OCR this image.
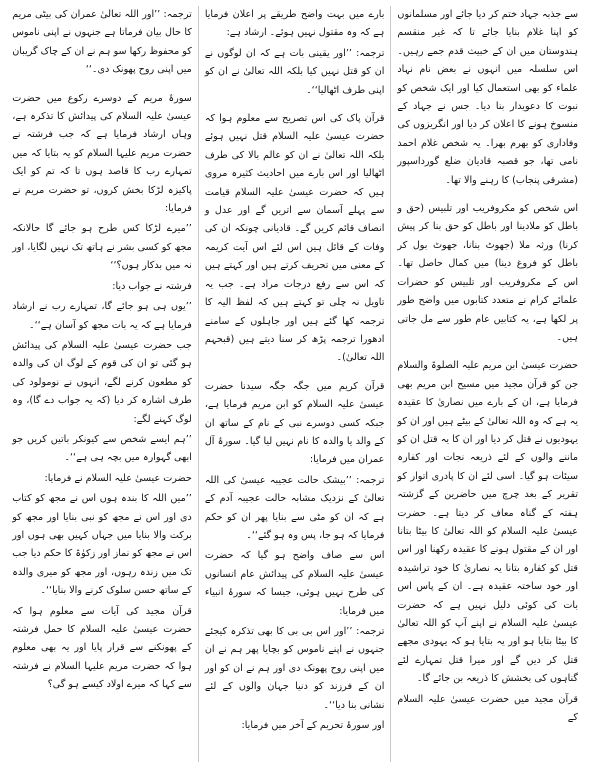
سے جذبہ جہاد ختم کر دیا جائے اور مسلمانوں کو اپنا غلام بنایا جائے تا کہ غیر منقسم ہندوستان میں ان کے خبیث قدم جمے رہیں۔ اس سلسلہ میں انہوں نے بعض نام نہاد علماء کو بھی استعمال کیا اور ایک شخص کو نبوت کا دعویدار بنا دیا۔ جس نے جہاد کے منسوخ ہونے کا اعلان کر دیا اور انگریزوں کی وفاداری کو بھرم بھرا۔ یہ شخص غلام احمد نامی تھا، جو قصبہ قادیان ضلع گورداسپور (مشرقی پنجاب) کا رہنے والا تھا۔

اس شخص کو مکروفریب اور تلبیس (حق و باطل کو ملادینا اور باطل کو حق بنا کر پیش کرنا) ورثہ ملا (جھوٹ بنانا، جھوٹ بول کر باطل کو فروغ دینا) میں کمال حاصل تھا۔ اس کے مکروفریب اور تلبیس کو حضرات علمائے کرام نے متعدد کتابوں میں واضح طور پر لکھا ہے، یہ کتابیں عام طور سے مل جاتی ہیں۔

حضرت عیسیٰ ابن مریم علیہ الصلوۃ والسلام جن کو قرآن مجید میں مسیح ابن مریم بھی فرمایا ہے، ان کے بارے میں نصاریٰ کا عقیدہ یہ ہے کہ وہ اللہ تعالیٰ کے بیٹے ہیں اور ان کو یہودیوں نے قتل کر دیا اور ان کا یہ قتل ان کو ماننے والوں کے لئے ذریعہ نجات اور کفارہ سیئات ہو گیا۔ اسی لئے ان کا پادری اتوار کو تقریر کے بعد چرچ میں حاضرین کے گزشتہ ہفتہ کے گناہ معاف کر دیتا ہے۔ حضرت عیسیٰ علیہ السلام کو اللہ تعالیٰ کا بیٹا بتانا اور ان کے مقتول ہونے کا عقیدہ رکھنا اور اس قتل کو کفارہ بتانا یہ نصاریٰ کا خود تراشیدہ اور خود ساختہ عقیدہ ہے۔ ان کے پاس اس بات کی کوئی دلیل نہیں ہے کہ حضرت عیسیٰ علیہ السلام نے اپنے آپ کو اللہ تعالیٰ کا بیٹا بتایا ہو اور یہ بتایا ہو کہ یہودی مجھے قتل کر دیں گے اور میرا قتل تمہارے لئے گناہوں کی بخشش کا ذریعہ بن جائے گا۔

قرآن مجید میں حضرت عیسیٰ علیہ السلام کے

بارے میں بہت واضح طریقے پر اعلان فرمایا ہے کہ وہ مقتول نہیں ہوئے۔ ارشاد ہے:

ترجمہ: ’’اور یقینی بات ہے کہ ان لوگوں نے ان کو قتل نہیں کیا بلکہ اللہ تعالیٰ نے ان کو اپنی طرف اٹھالیا‘‘۔

قرآن پاک کی اس تصریح سے معلوم ہوا کہ حضرت عیسیٰ علیہ السلام قتل نہیں ہوئے بلکہ اللہ تعالیٰ نے ان کو عالم بالا کی طرف اٹھالیا اور اس بارے میں احادیث کثیرہ مروی ہیں کہ حضرت عیسیٰ علیہ السلام قیامت سے پہلے آسمان سے اتریں گے اور عدل و انصاف قائم کریں گے۔ قادیانی چونکہ ان کی وفات کے قائل ہیں اس لئے اس آیت کریمہ کے معنی میں تحریف کرتے ہیں اور کہتے ہیں کہ اس سے رفع درجات مراد ہے۔ جب یہ تاویل نہ چلی تو کہتے ہیں کہ لفظ الیہ کا ترجمہ کھا گئے ہیں اور جاہلوں کے سامنے ادھورا ترجمہ پڑھ کر سنا دیتے ہیں (قبحہم اللہ تعالیٰ)۔

قرآن کریم میں جگہ جگہ سیدنا حضرت عیسیٰ علیہ السلام کو ابن مریم فرمایا ہے، جبکہ کسی دوسرے نبی کے نام کے ساتھ ان کے والد یا والدہ کا نام نہیں لیا گیا۔ سورۂ آل عمران میں فرمایا:

ترجمہ: ’’بیشک حالت عجیبہ عیسیٰ کی اللہ تعالیٰ کے نزدیک مشابہ حالت عجیبہ آدم کے ہے کہ ان کو مٹی سے بنایا پھر ان کو حکم فرمایا کہ ہو جا، پس وہ ہو گئے‘‘۔

اس سے صاف واضح ہو گیا کہ حضرت عیسیٰ علیہ السلام کی پیدائش عام انسانوں کی طرح نہیں ہوئی، جیسا کہ سورۂ انبیاء میں فرمایا:

ترجمہ: ’’اور اس بی بی کا بھی تذکرہ کیجئے جنہوں نے اپنے ناموس کو بچایا پھر ہم نے ان میں اپنی روح پھونک دی اور ہم نے ان کو اور ان کے فرزند کو دنیا جہان والوں کے لئے نشانی بنا دیا‘‘۔

اور سورۂ تحریم کے آخر میں فرمایا:

ترجمہ: ’’اور اللہ تعالیٰ عمران کی بیٹی مریم کا حال بیان فرماتا ہے جنہوں نے اپنی ناموس کو محفوظ رکھا سو ہم نے ان کے چاک گریبان میں اپنی روح پھونک دی۔‘‘

سورۂ مریم کے دوسرے رکوع میں حضرت عیسیٰ علیہ السلام کی پیدائش کا تذکرہ ہے، وہاں ارشاد فرمایا ہے کہ جب فرشتہ نے حضرت مریم علیہا السلام کو یہ بتایا کہ میں تمہارے رب کا قاصد ہوں تا کہ تم کو ایک پاکیزہ لڑکا بخش کروں، تو حضرت مریم نے فرمایا:

’’میرے لڑکا کس طرح ہو جائے گا حالانکہ مجھ کو کسی بشر نے ہاتھ تک نہیں لگایا، اور نہ میں بدکار ہوں؟‘‘

فرشتہ نے جواب دیا:

’’یوں ہی ہو جائے گا، تمہارے رب نے ارشاد فرمایا ہے کہ یہ بات مجھ کو آسان ہے‘‘۔

جب حضرت عیسیٰ علیہ السلام کی پیدائش ہو گئی تو ان کی قوم کے لوگ ان کی والدہ کو مطعون کرنے لگے، انہوں نے نومولود کی طرف اشارہ کر دیا (کہ یہ جواب دے گا)، وہ لوگ کہنے لگے:

’’ہم ایسے شخص سے کیونکر باتیں کریں جو ابھی گہوارہ میں بچہ ہی ہے‘‘۔

حضرت عیسیٰ علیہ السلام نے فرمایا:

’’میں اللہ کا بندہ ہوں اس نے مجھ کو کتاب دی اور اس نے مجھ کو نبی بنایا اور مجھ کو برکت والا بنایا میں جہاں کہیں بھی ہوں اور اس نے مجھ کو نماز اور زکوٰۃ کا حکم دیا جب تک میں زندہ رہوں، اور مجھ کو میری والدہ کے ساتھ حسن سلوک کرنے والا بنایا‘‘۔

قرآن مجید کی آیات سے معلوم ہوا کہ حضرت عیسیٰ علیہ السلام کا حمل فرشتہ کے پھونکنے سے قرار پایا اور یہ بھی معلوم ہوا کہ حضرت مریم علیہا السلام نے فرشتہ سے کہا کہ میرے اولاد کیسے ہو گی؟
